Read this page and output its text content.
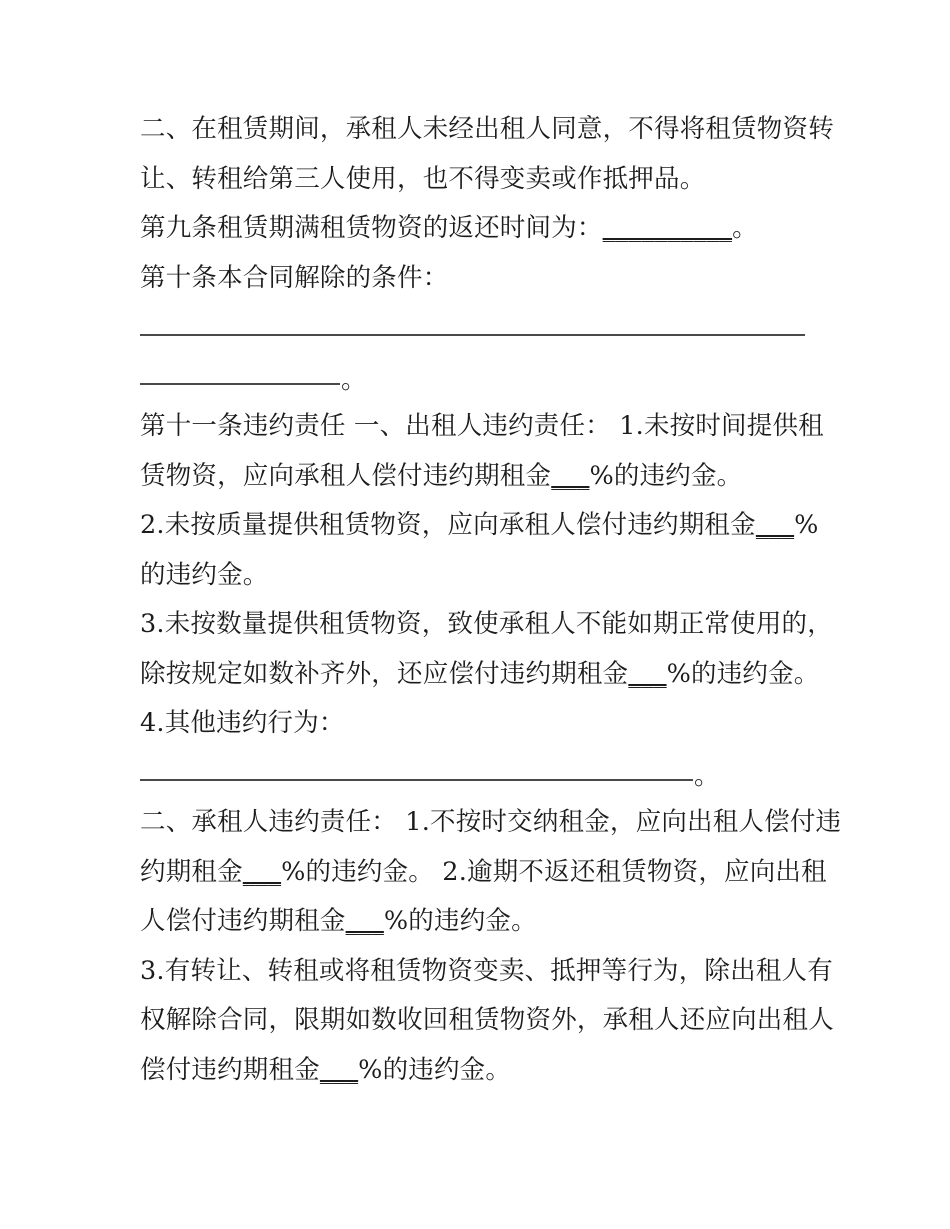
二、在租赁期间，承租人未经出租人同意，不得将租赁物资转
让、转租给第三人使用，也不得变卖或作抵押品。
第九条租赁期满租赁物资的返还时间为：__________。
第十条本合同解除的条件：
。
第十一条违约责任 一、出租人违约责任： 1.未按时间提供租
赁物资，应向承租人偿付违约期租金___%的违约金。
2.未按质量提供租赁物资，应向承租人偿付违约期租金___%
的违约金。
3.未按数量提供租赁物资，致使承租人不能如期正常使用的，
除按规定如数补齐外，还应偿付违约期租金___%的违约金。
4.其他违约行为：
。
二、承租人违约责任： 1.不按时交纳租金，应向出租人偿付违
约期租金___%的违约金。 2.逾期不返还租赁物资，应向出租
人偿付违约期租金___%的违约金。
3.有转让、转租或将租赁物资变卖、抵押等行为，除出租人有
权解除合同，限期如数收回租赁物资外，承租人还应向出租人
偿付违约期租金___%的违约金。
